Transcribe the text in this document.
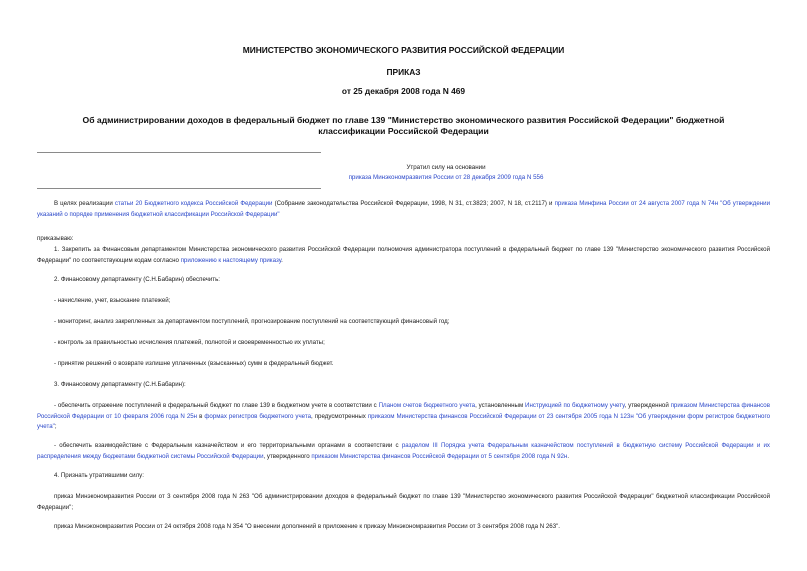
МИНИСТЕРСТВО ЭКОНОМИЧЕСКОГО РАЗВИТИЯ РОССИЙСКОЙ ФЕДЕРАЦИИ
ПРИКАЗ
от 25 декабря 2008 года N 469
Об администрировании доходов в федеральный бюджет по главе 139 "Министерство экономического развития Российской Федерации" бюджетной
классификации Российской Федерации
Утратил силу на основании
приказа Минэкономразвития России от 28 декабря 2009 года N 556
В целях реализации статьи 20 Бюджетного кодекса Российской Федерации (Собрание законодательства Российской Федерации, 1998, N 31, ст.3823; 2007, N 18, ст.2117) и приказа Минфина России от 24 августа 2007 года N 74н "Об утверждении указаний о порядке применения бюджетной классификации Российской Федерации"
приказываю:
1. Закрепить за Финансовым департаментом Министерства экономического развития Российской Федерации полномочия администратора поступлений в федеральный бюджет по главе 139 "Министерство экономического развития Российской Федерации" по соответствующим кодам согласно приложению к настоящему приказу.
2. Финансовому департаменту (С.Н.Бабарин) обеспечить:
- начисление, учет, взыскание платежей;
- мониторинг, анализ закрепленных за департаментом поступлений, прогнозирование поступлений на соответствующий финансовый год;
- контроль за правильностью исчисления платежей, полнотой и своевременностью их уплаты;
- принятие решений о возврате излишне уплаченных (взысканных) сумм в федеральный бюджет.
3. Финансовому департаменту (С.Н.Бабарин):
- обеспечить отражение поступлений в федеральный бюджет по главе 139 в бюджетном учете в соответствии с Планом счетов бюджетного учета, установленным Инструкцией по бюджетному учету, утвержденной приказом Министерства финансов Российской Федерации от 10 февраля 2006 года N 25н в формах регистров бюджетного учета, предусмотренных приказом Министерства финансов Российской Федерации от 23 сентября 2005 года N 123н "Об утверждении форм регистров бюджетного учета";
- обеспечить взаимодействие с Федеральным казначейством и его территориальными органами в соответствии с разделом III Порядка учета Федеральным казначейством поступлений в бюджетную систему Российской Федерации и их распределения между бюджетами бюджетной системы Российской Федерации, утвержденного приказом Министерства финансов Российской Федерации от 5 сентября 2008 года N 92н.
4. Признать утратившими силу:
приказ Минэкономразвития России от 3 сентября 2008 года N 263 "Об администрировании доходов в федеральный бюджет по главе 139 "Министерство экономического развития Российской Федерации" бюджетной классификации Российской Федерации";
приказ Минэкономразвития России от 24 октября 2008 года N 354 "О внесении дополнений в приложение к приказу Минэкономразвития России от 3 сентября 2008 года N 263".
